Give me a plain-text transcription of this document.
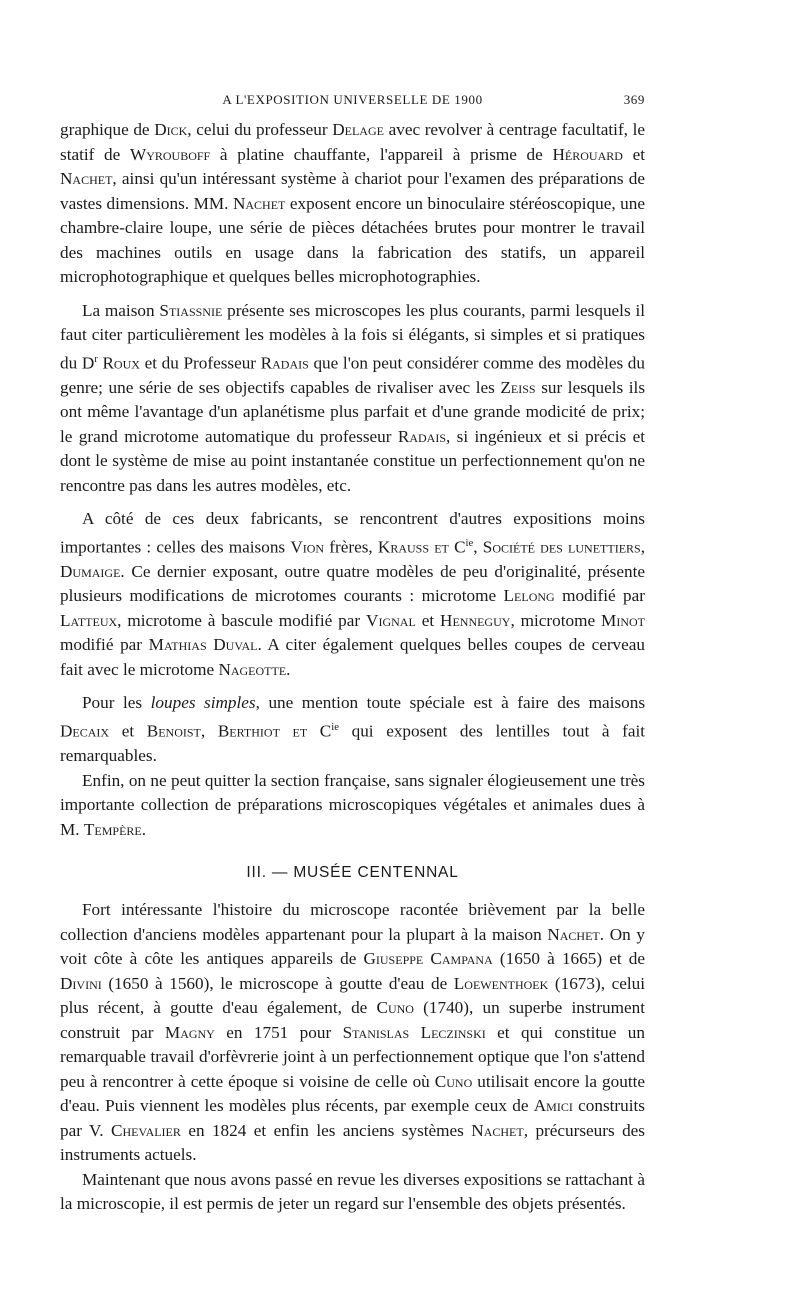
A L'EXPOSITION UNIVERSELLE DE 1900	369

graphique de Dick, celui du professeur Delage avec revolver à centrage facultatif, le statif de Wyrouboff à platine chauffante, l'appareil à prisme de Hérouard et Nachet, ainsi qu'un intéressant système à chariot pour l'examen des préparations de vastes dimensions. MM. Nachet exposent encore un binoculaire stéréoscopique, une chambre-claire loupe, une série de pièces détachées brutes pour montrer le travail des machines outils en usage dans la fabrication des statifs, un appareil microphotographique et quelques belles microphotographies.

La maison Stiassnie présente ses microscopes les plus courants, parmi lesquels il faut citer particulièrement les modèles à la fois si élégants, si simples et si pratiques du $D^r$ Roux et du Professeur Radais que l'on peut considérer comme des modèles du genre; une série de ses objectifs capables de rivaliser avec les Zeiss sur lesquels ils ont même l'avantage d'un aplanétisme plus parfait et d'une grande modicité de prix; le grand microtome automatique du professeur Radais, si ingénieux et si précis et dont le système de mise au point instantanée constitue un perfectionnement qu'on ne rencontre pas dans les autres modèles, etc.

A côté de ces deux fabricants, se rencontrent d'autres expositions moins importantes : celles des maisons Vion frères, Krauss et $C^{ie}$, Société des lunettiers, Dumaige. Ce dernier exposant, outre quatre modèles de peu d'originalité, présente plusieurs modifications de microtomes courants : microtome Lelong modifié par Latteux, microtome à bascule modifié par Vignal et Henneguy, microtome Minot modifié par Mathias Duval. A citer également quelques belles coupes de cerveau fait avec le microtome Nageotte.

Pour les loupes simples, une mention toute spéciale est à faire des maisons Decaix et Benoist, Berthiot et $C^{ie}$ qui exposent des lentilles tout à fait remarquables.

Enfin, on ne peut quitter la section française, sans signaler élogieusement une très importante collection de préparations microscopiques végétales et animales dues à M. Tempère.

III. — MUSÉE CENTENNAL

Fort intéressante l'histoire du microscope racontée brièvement par la belle collection d'anciens modèles appartenant pour la plupart à la maison Nachet. On y voit côte à côte les antiques appareils de Giuseppe Campana (1650 à 1665) et de Divini (1650 à 1560), le microscope à goutte d'eau de Loewenthoek (1673), celui plus récent, à goutte d'eau également, de Cuno (1740), un superbe instrument construit par Magny en 1751 pour Stanislas Leczinski et qui constitue un remarquable travail d'orfèvrerie joint à un perfectionnement optique que l'on s'attend peu à rencontrer à cette époque si voisine de celle où Cuno utilisait encore la goutte d'eau. Puis viennent les modèles plus récents, par exemple ceux de Amici construits par V. Chevalier en 1824 et enfin les anciens systèmes Nachet, précurseurs des instruments actuels.

Maintenant que nous avons passé en revue les diverses expositions se rattachant à la microscopie, il est permis de jeter un regard sur l'ensemble des objets présentés.
